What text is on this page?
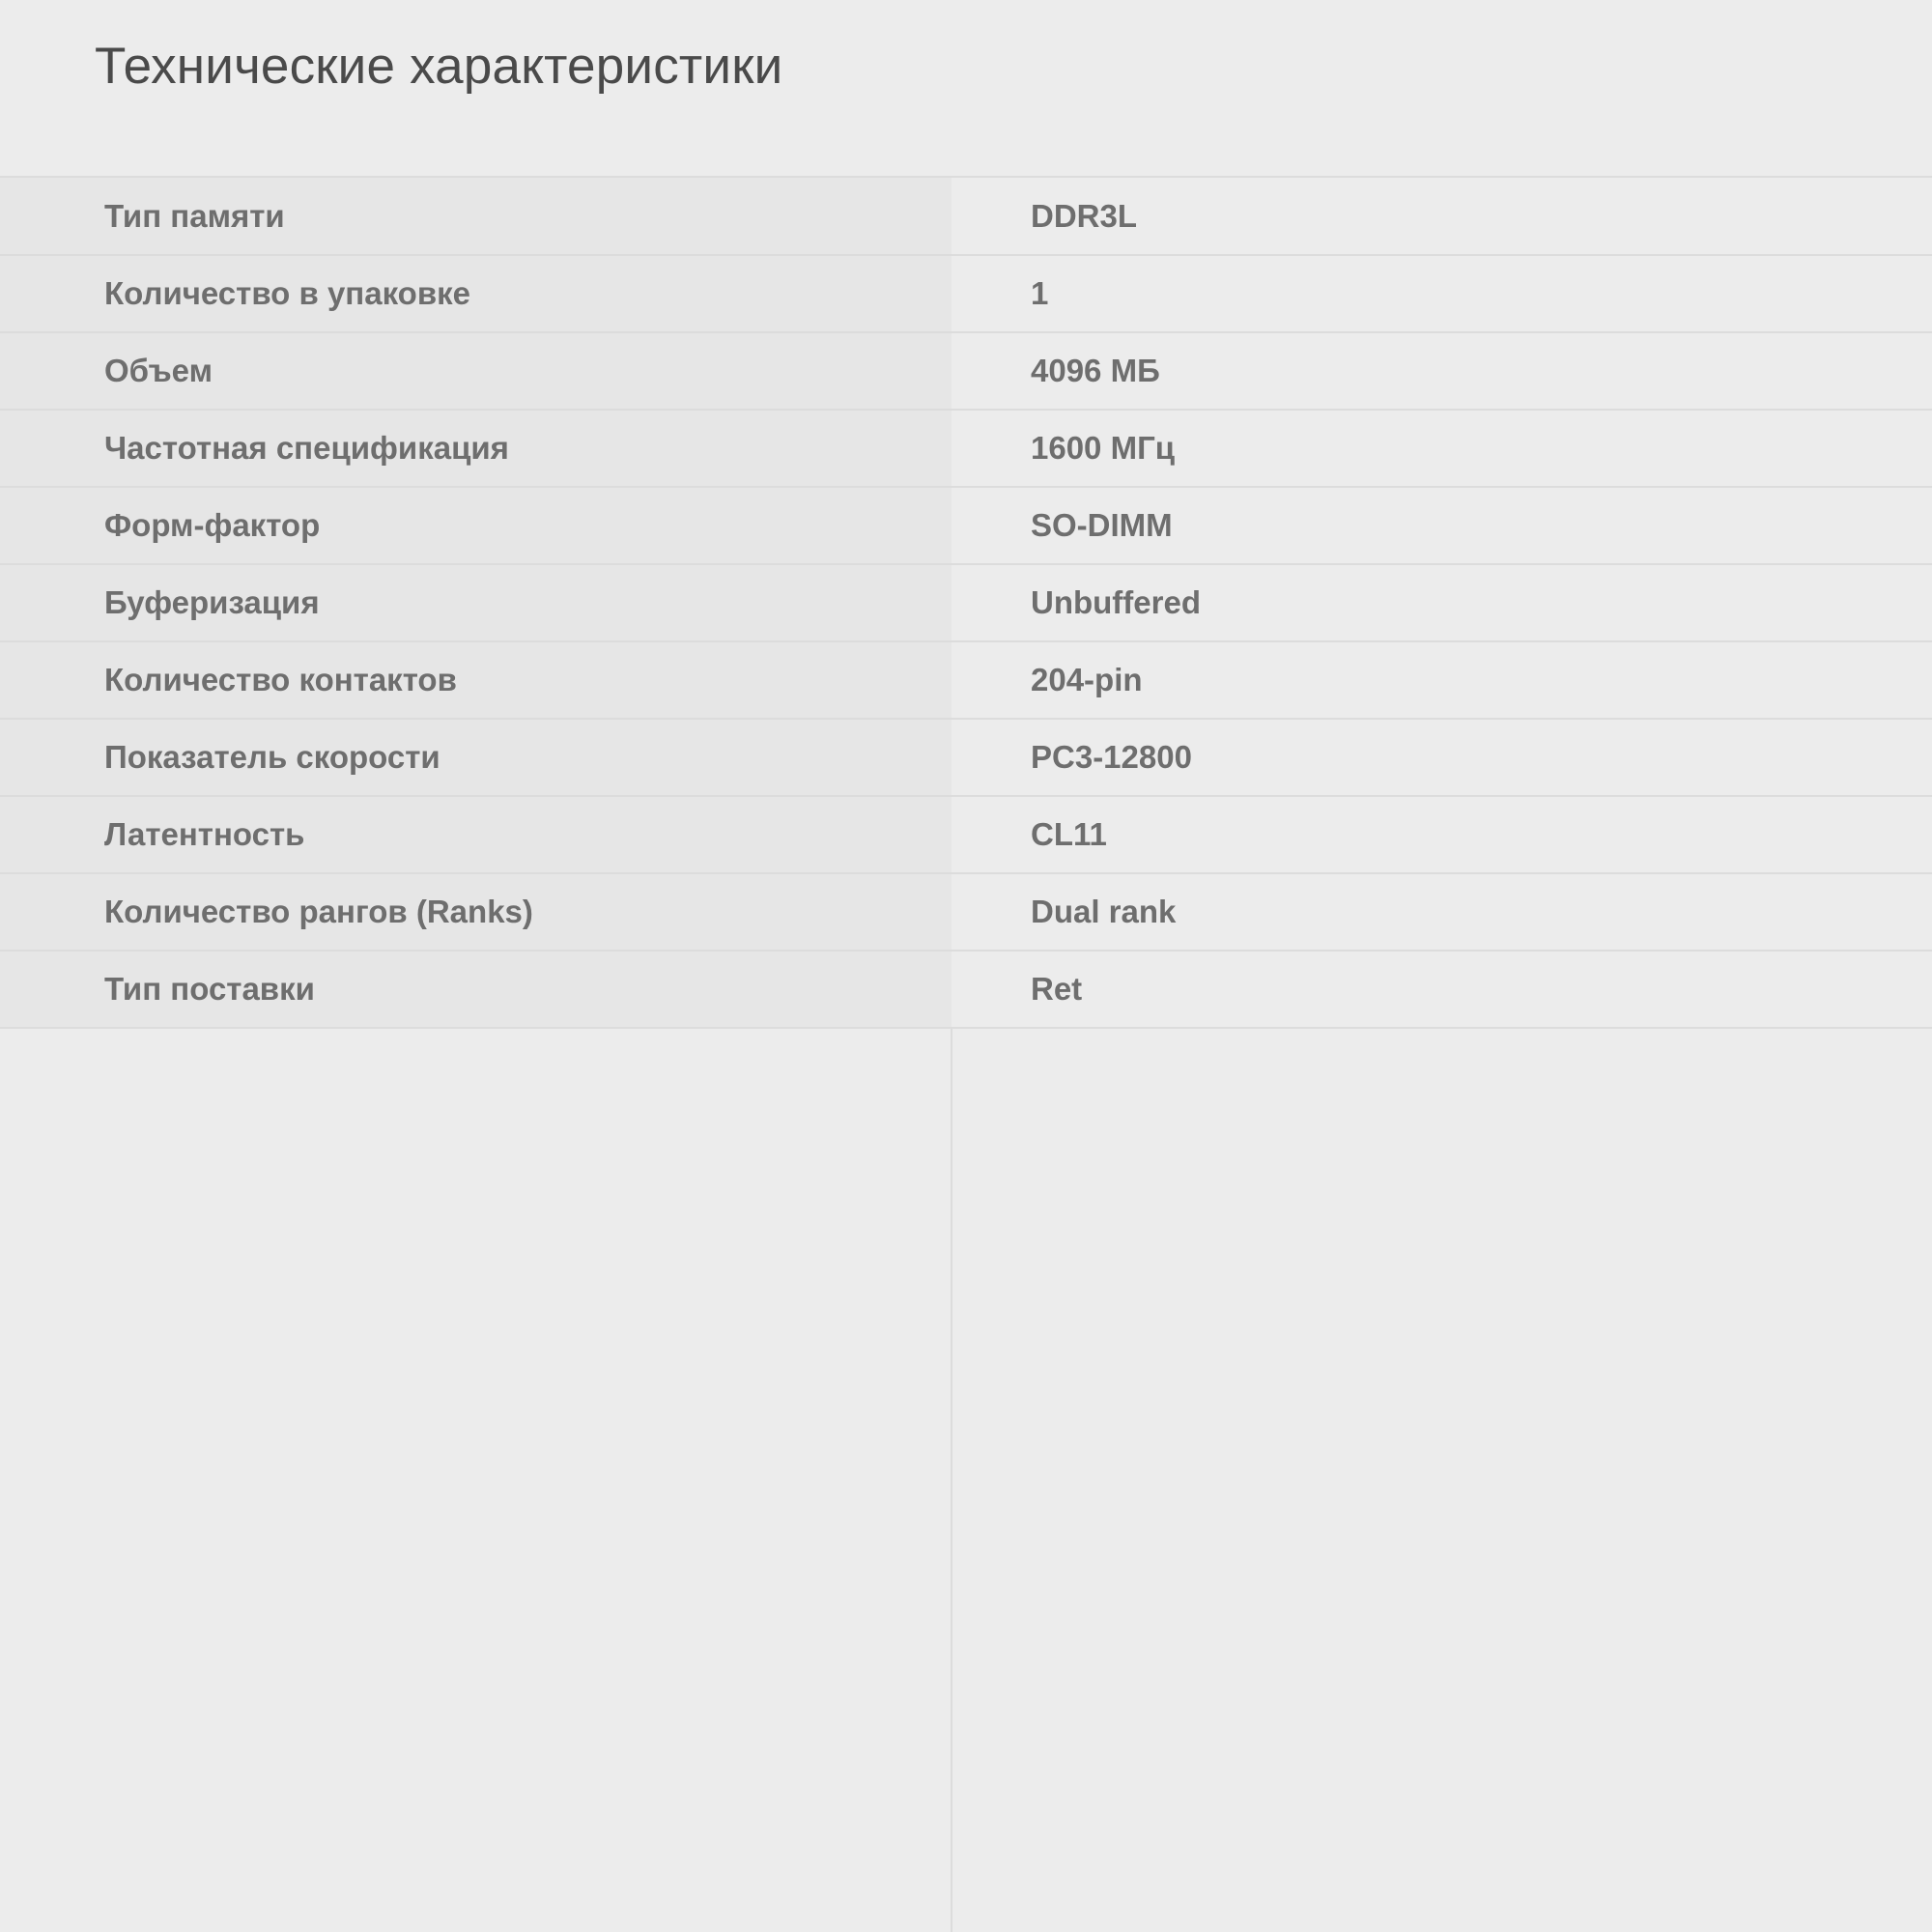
Технические характеристики
Тип памяти	DDR3L
Количество в упаковке	1
Объем	4096 МБ
Частотная спецификация	1600 МГц
Форм-фактор	SO-DIMM
Буферизация	Unbuffered
Количество контактов	204-pin
Показатель скорости	PC3-12800
Латентность	CL11
Количество рангов (Ranks)	Dual rank
Тип поставки	Ret
